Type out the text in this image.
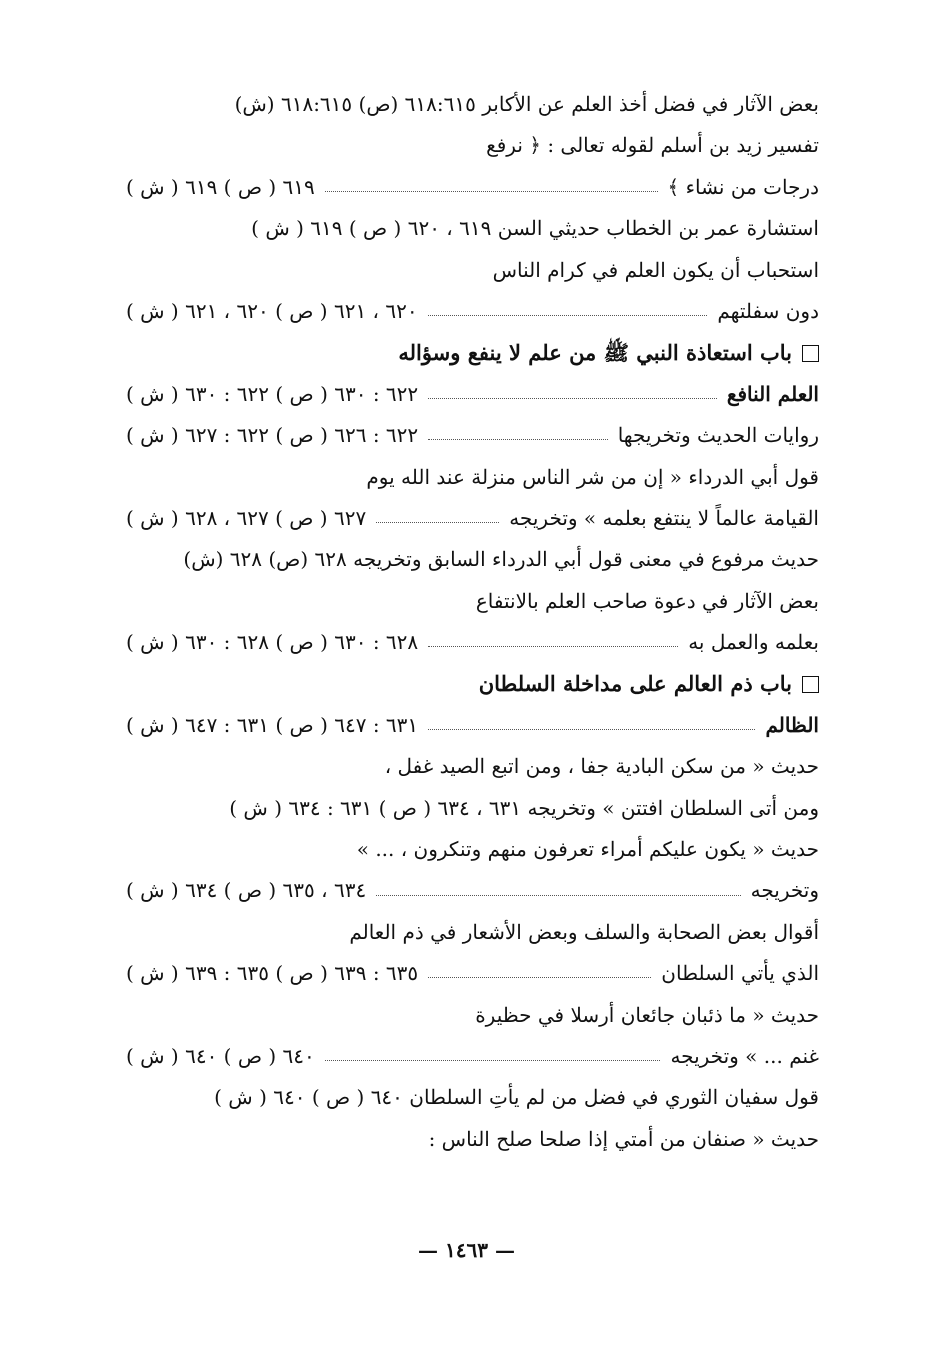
بعض الآثار في فضل أخذ العلم عن الأكابر ٦١٨:٦١٥ (ص) ٦١٨:٦١٥ (ش)
تفسير زيد بن أسلم لقوله تعالى : ﴿ نرفع
درجات من نشاء ﴾
٦١٩ ( ص ) ٦١٩ ( ش )
استشارة عمر بن الخطاب حديثي السن ٦١٩ ، ٦٢٠ ( ص ) ٦١٩ ( ش )
استحباب أن يكون العلم في كرام الناس
دون سفلتهم
٦٢٠ ، ٦٢١ ( ص ) ٦٢٠ ، ٦٢١ ( ش )
باب استعاذة النبي ﷺ من علم لا ينفع وسؤاله
العلم النافع
٦٢٢ : ٦٣٠ ( ص ) ٦٢٢ : ٦٣٠ ( ش )
روايات الحديث وتخريجها
٦٢٢ : ٦٢٦ ( ص ) ٦٢٢ : ٦٢٧ ( ش )
قول أبي الدرداء « إن من شر الناس منزلة عند الله يوم
القيامة عالماً لا ينتفع بعلمه » وتخريجه
٦٢٧ ( ص ) ٦٢٧ ، ٦٢٨ ( ش )
حديث مرفوع في معنى قول أبي الدرداء السابق وتخريجه ٦٢٨ (ص) ٦٢٨ (ش)
بعض الآثار في دعوة صاحب العلم بالانتفاع
بعلمه والعمل به
٦٢٨ : ٦٣٠ ( ص ) ٦٢٨ : ٦٣٠ ( ش )
باب ذم العالم على مداخلة السلطان
الظالم
٦٣١ : ٦٤٧ ( ص ) ٦٣١ : ٦٤٧ ( ش )
حديث « من سكن البادية جفا ، ومن اتبع الصيد غفل ،
ومن أتى السلطان افتتن » وتخريجه ٦٣١ ، ٦٣٤ ( ص ) ٦٣١ : ٦٣٤ ( ش )
حديث « يكون عليكم أمراء تعرفون منهم وتنكرون ، ... »
وتخريجه
٦٣٤ ، ٦٣٥ ( ص ) ٦٣٤ ( ش )
أقوال بعض الصحابة والسلف وبعض الأشعار في ذم العالم
الذي يأتي السلطان
٦٣٥ : ٦٣٩ ( ص ) ٦٣٥ : ٦٣٩ ( ش )
حديث « ما ذئبان جائعان أرسلا في حظيرة
غنم ... » وتخريجه
٦٤٠ ( ص ) ٦٤٠ ( ش )
قول سفيان الثوري في فضل من لم يأتِ السلطان ٦٤٠ ( ص ) ٦٤٠ ( ش )
حديث « صنفان من أمتي إذا صلحا صلح الناس :
— ١٤٦٣ —
